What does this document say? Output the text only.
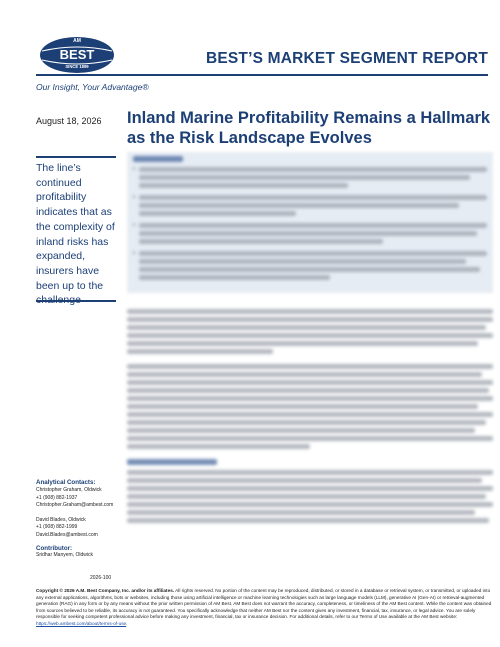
AM
BEST
SINCE 1899	BEST’S MARKET SEGMENT REPORT
Our Insight, Your Advantage®
August 18, 2026 Inland Marine Profitability Remains a Hallmark as the Risk Landscape Evolves
The line’s continued profitability indicates that as the complexity of inland risks has expanded, insurers have been up to the
•
•
•
•
Analytical Contacts:
Christopher Graham, Oldwick
+1 (908) 882-1937
Christopher.Graham@ambest.com
David Blades, Oldwick
+1 (908) 882-1999
David.Blades@ambest.com
Contributor:
Sridhar Manyem, Oldwick
2026-100
Copyright © 2026 A.M. Best Company, Inc. and/or its affiliates. All rights reserved. No portion of the content may be reproduced, distributed, or stored in a database or retrieval system, or transmitted, or uploaded into any external applications, algorithms, bots or websites, including those using artificial intelligence or machine learning technologies such as large language models (LLM), generative AI (Gen-AI) or retrieval-augmented generation (RAG) in any form or by any means without the prior written permission of AM Best. AM Best does not warrant the accuracy, completeness, or timeliness of the AM Best content. While the content was obtained from sources believed to be reliable, its accuracy is not guaranteed. You specifically acknowledge that neither AM Best nor the content gives any investment, financial, tax, insurance, or legal advice. You are solely responsible for seeking competent professional advice before making any investment, financial, tax or insurance decision. For additional details, refer to our Terms of Use available at the AM Best website: https://web.ambest.com/about/terms-of-use.
